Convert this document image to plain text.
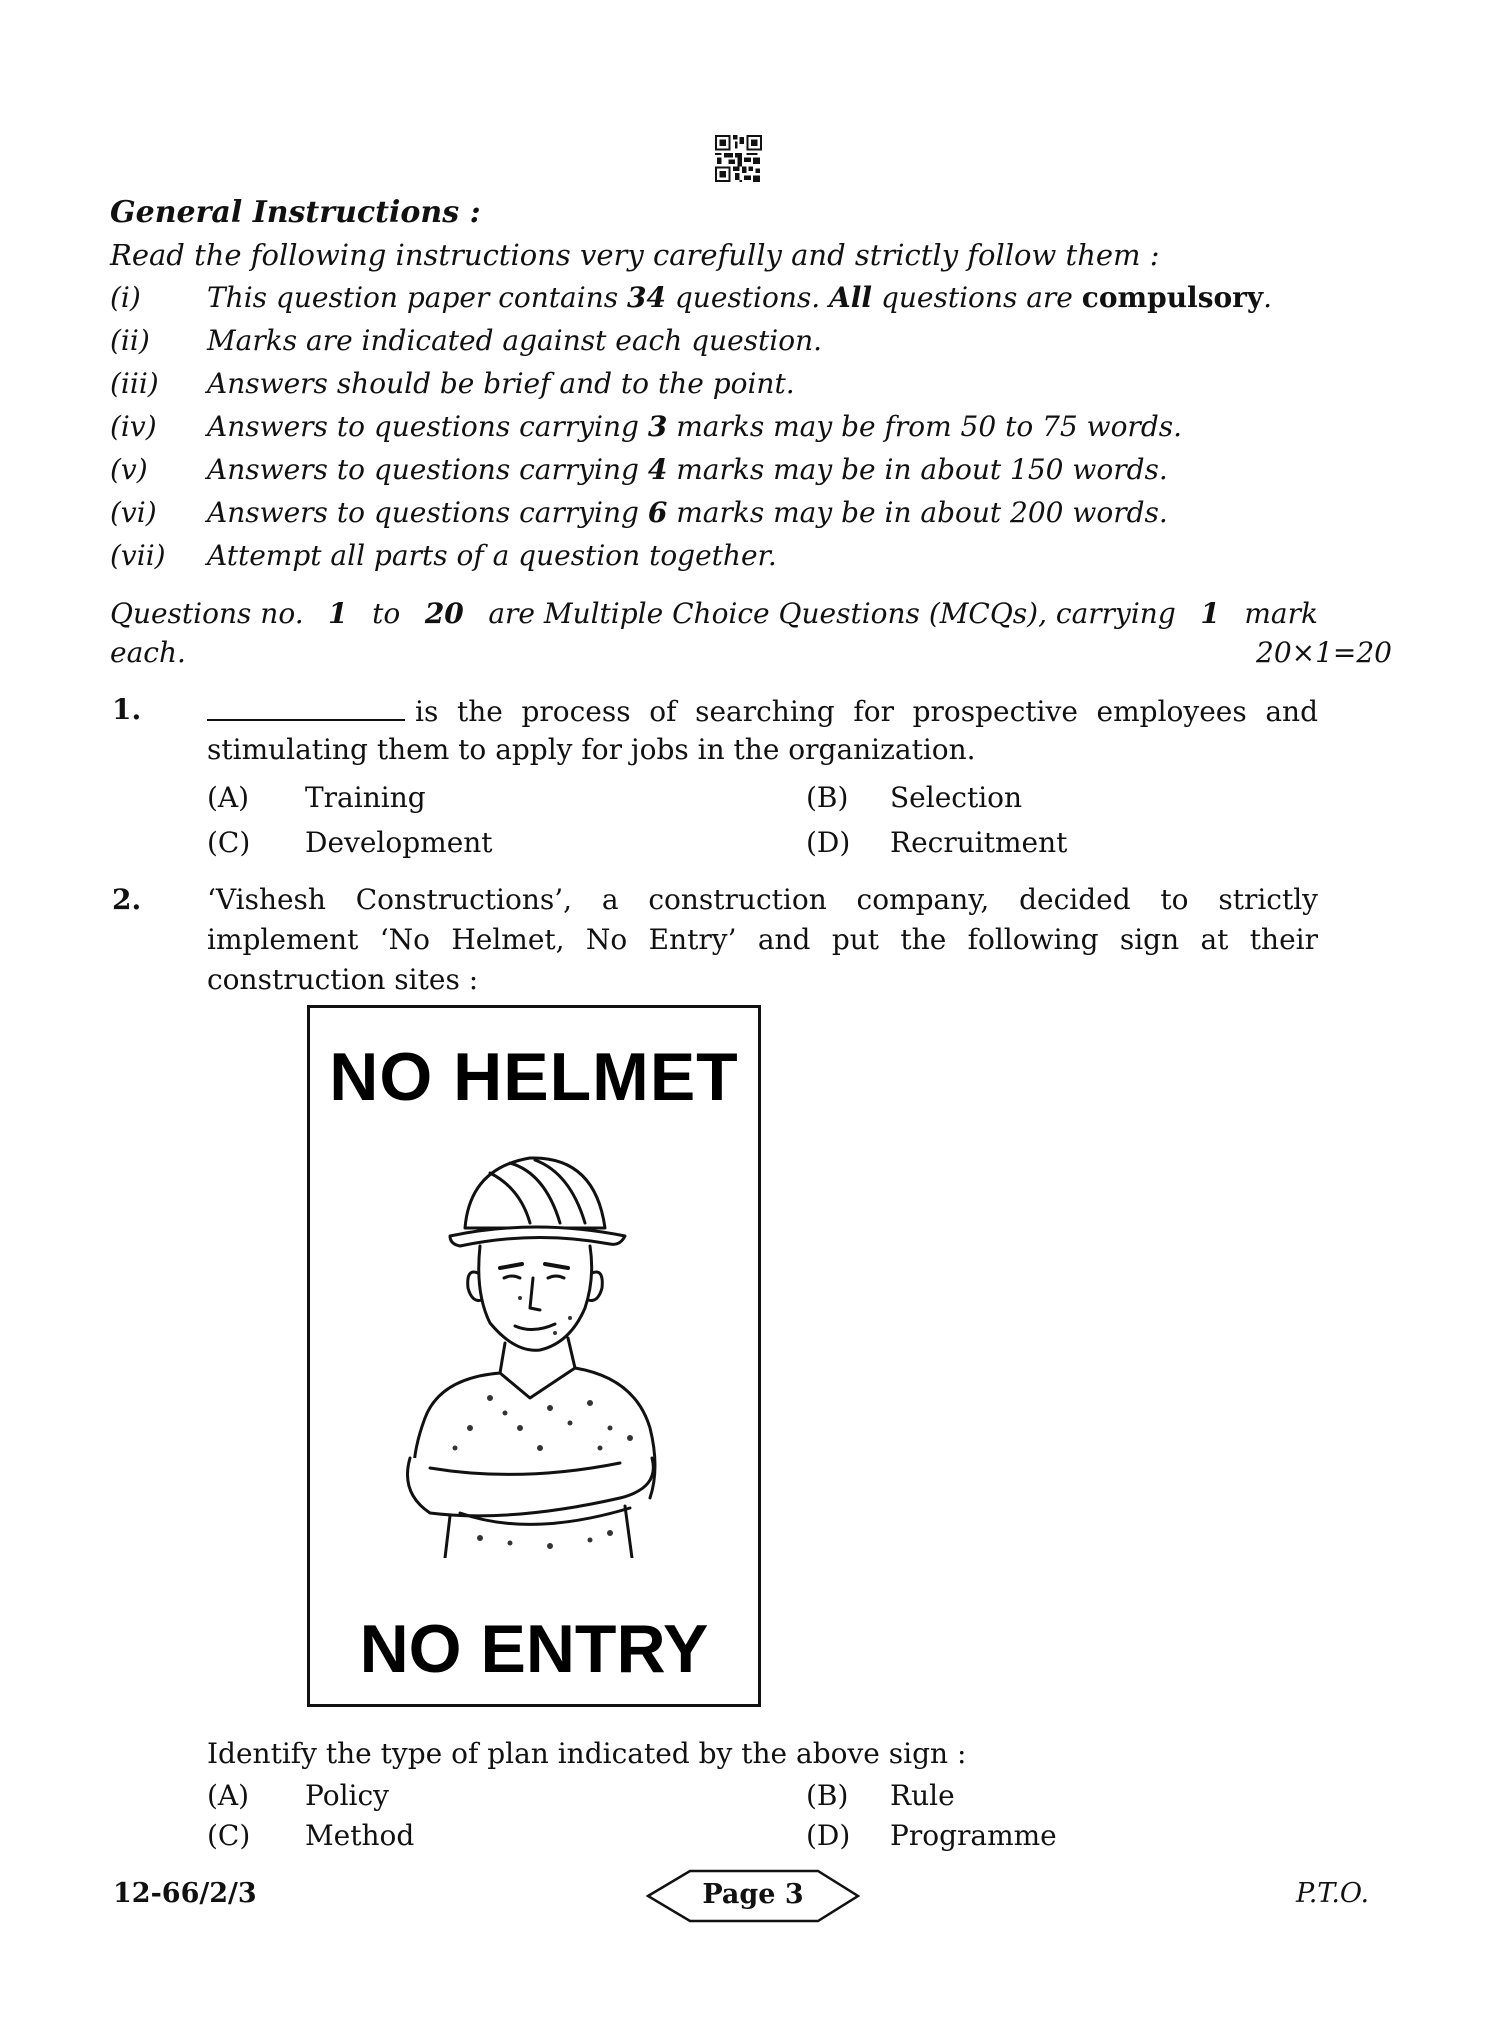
General Instructions :
Read the following instructions very carefully and strictly follow them :
(i) This question paper contains 34 questions. All questions are compulsory.
(ii) Marks are indicated against each question.
(iii) Answers should be brief and to the point.
(iv) Answers to questions carrying 3 marks may be from 50 to 75 words.
(v) Answers to questions carrying 4 marks may be in about 150 words.
(vi) Answers to questions carrying 6 marks may be in about 200 words.
(vii) Attempt all parts of a question together.
Questions no. 1 to 20 are Multiple Choice Questions (MCQs), carrying 1 mark
each.	20×1=20
1.	is the process of searching for prospective employees and
stimulating them to apply for jobs in the organization.
(A) Training	(B) Selection
(C) Development	(D) Recruitment
2. ‘Vishesh Constructions’, a construction company, decided to strictly
implement ‘No Helmet, No Entry’ and put the following sign at their
construction sites :
NO HELMET
NO ENTRY
Identify the type of plan indicated by the above sign :
(A) Policy	(B) Rule
(C) Method	(D) Programme
12-66/2/3	Page 3	P.T.O.
